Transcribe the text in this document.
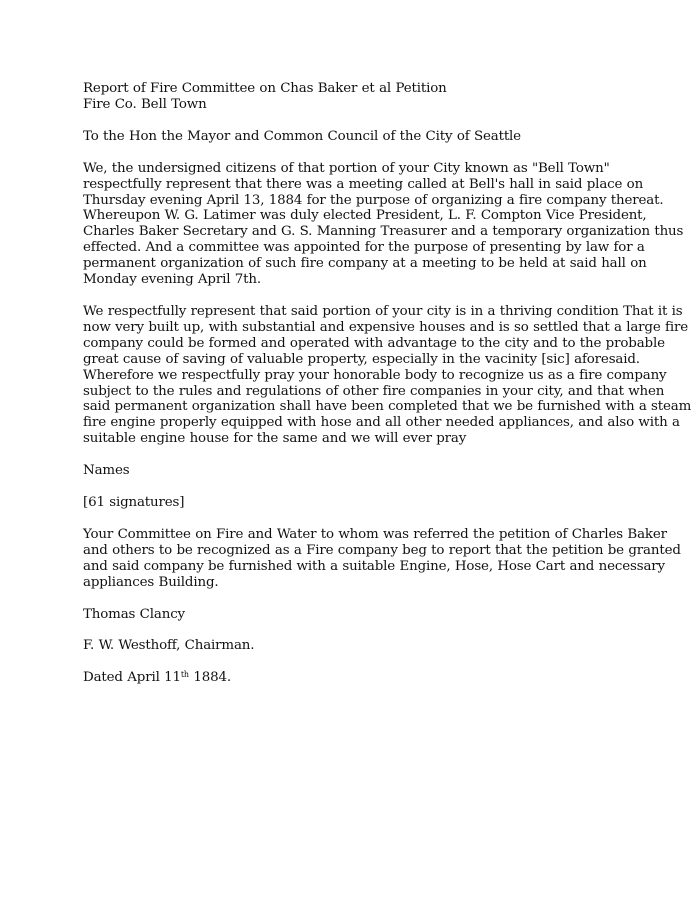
Report of Fire Committee on Chas Baker et al Petition
Fire Co. Bell Town
To the Hon the Mayor and Common Council of the City of Seattle
We, the undersigned citizens of that portion of your City known as "Bell Town"
respectfully represent that there was a meeting called at Bell's hall in said place on
Thursday evening April 13, 1884 for the purpose of organizing a fire company thereat.
Whereupon W. G. Latimer was duly elected President, L. F. Compton Vice President,
Charles Baker Secretary and G. S. Manning Treasurer and a temporary organization thus
effected. And a committee was appointed for the purpose of presenting by law for a
permanent organization of such fire company at a meeting to be held at said hall on
Monday evening April 7th.
We respectfully represent that said portion of your city is in a thriving condition That it is
now very built up, with substantial and expensive houses and is so settled that a large fire
company could be formed and operated with advantage to the city and to the probable
great cause of saving of valuable property, especially in the vacinity [sic] aforesaid.
Wherefore we respectfully pray your honorable body to recognize us as a fire company
subject to the rules and regulations of other fire companies in your city, and that when
said permanent organization shall have been completed that we be furnished with a steam
fire engine properly equipped with hose and all other needed appliances, and also with a
suitable engine house for the same and we will ever pray
Names
[61 signatures]
Your Committee on Fire and Water to whom was referred the petition of Charles Baker
and others to be recognized as a Fire company beg to report that the petition be granted
and said company be furnished with a suitable Engine, Hose, Hose Cart and necessary
appliances Building.
Thomas Clancy
F. W. Westhoff, Chairman.
Dated April 11th 1884.
